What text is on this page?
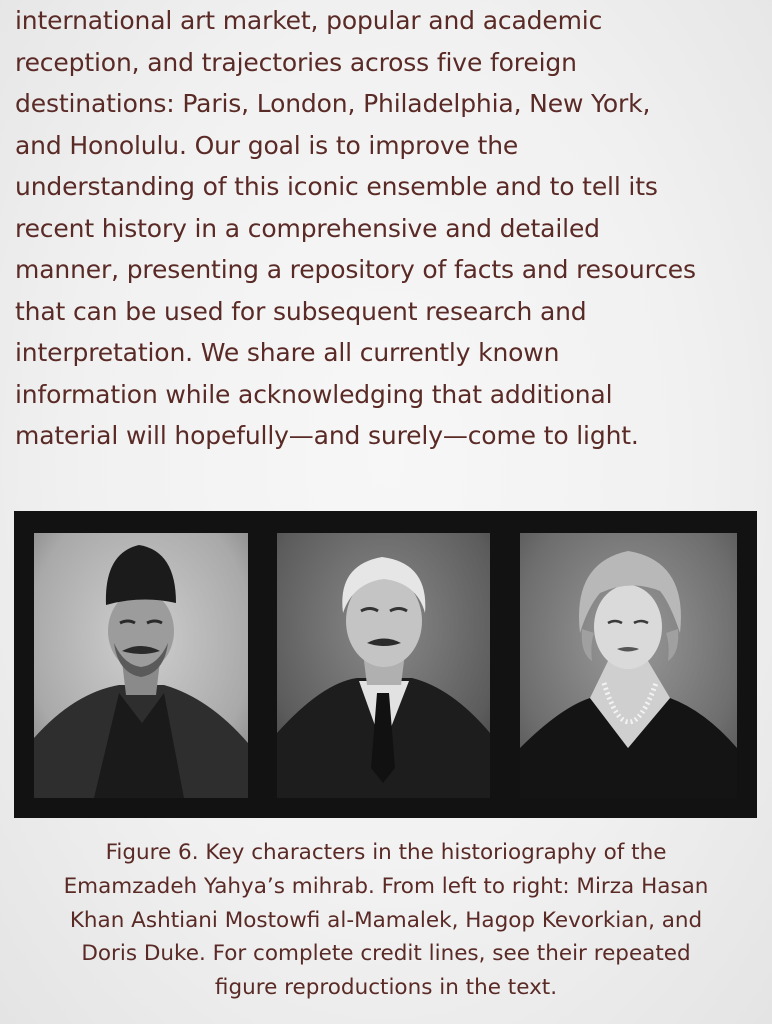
international art market, popular and academic
reception, and trajectories across five foreign
destinations: Paris, London, Philadelphia, New York,
and Honolulu. Our goal is to improve the
understanding of this iconic ensemble and to tell its
recent history in a comprehensive and detailed
manner, presenting a repository of facts and resources
that can be used for subsequent research and
interpretation. We share all currently known
information while acknowledging that additional
material will hopefully—and surely—come to light.
Figure 6. Key characters in the historiography of the
Emamzadeh Yahya’s mihrab. From left to right: Mirza Hasan
Khan Ashtiani Mostowfi al-Mamalek, Hagop Kevorkian, and
Doris Duke. For complete credit lines, see their repeated
figure reproductions in the text.
